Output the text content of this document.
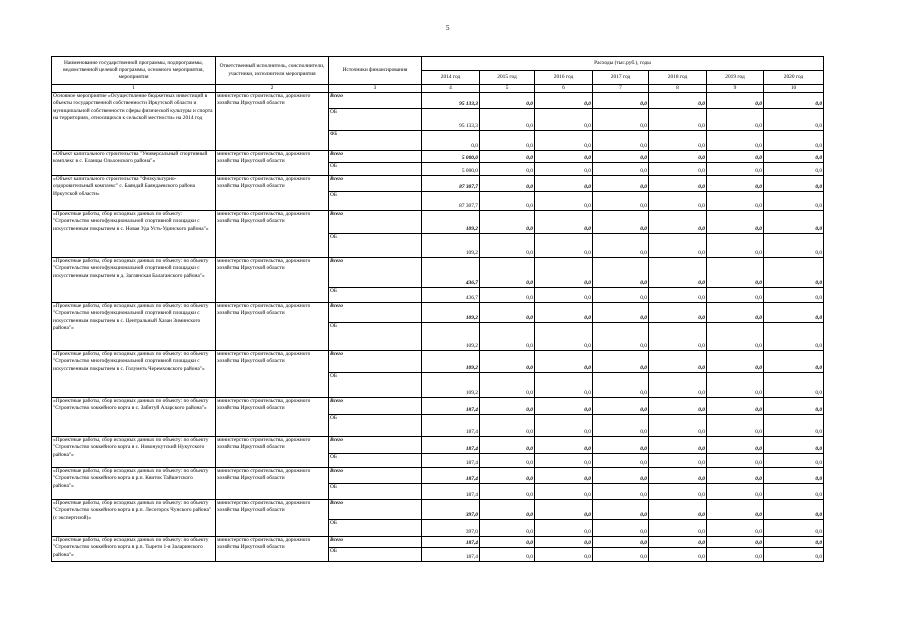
5
Наименование государственной программы, подпрограммы, ведомственной целевой программы, основного мероприятия, мероприятия	Ответственный исполнитель, соисполнители, участники, исполнители мероприятия	Источники финансирования	Расходы (тыс.руб.), годы						
			2014 год	2015 год	2016 год	2017 год	2018 год	2019 год	2020 год
1	2	3	4	5	6	7	8	9	10
Основное мероприятие «Осуществление бюджетных инвестиций в объекты государственной собственности Иркутской области и муниципальной собственности сферы физической культуры и спорта на территориях, относящихся к сельской местности» на 2014 год	министерство строительства, дорожного хозяйства Иркутской области	Всего	95 133,3	0,0	0,0	0,0	0,0	0,0	0,0
		ОБ	95 133,3	0,0	0,0	0,0	0,0	0,0	0,0
		ФБ	0,0	0,0	0,0	0,0	0,0	0,0	0,0
«Объект капитального строительства "Универсальный спортивный комплекс в с. Еланцы Ольхонского района"»	министерство строительства, дорожного хозяйства Иркутской области	Всего	5 000,0	0,0	0,0	0,0	0,0	0,0	0,0
		ОБ	5 000,0	0,0	0,0	0,0	0,0	0,0	0,0
«Объект капитального строительства "Физкультурно-оздоровительный комплекс" с. Баяндай Баяндаевского района Иркутской области»	министерство строительства, дорожного хозяйства Иркутской области	Всего	87 307,7	0,0	0,0	0,0	0,0	0,0	0,0
		ОБ	87 307,7	0,0	0,0	0,0	0,0	0,0	0,0
«Проектные работы, сбор исходных данных по объекту: "Строительство многофункциональной спортивной площадки с искусственным покрытием в с. Новая Уда Усть-Удинского района"»	министерство строительства, дорожного хозяйства Иркутской области	Всего	109,2	0,0	0,0	0,0	0,0	0,0	0,0
		ОБ	109,2	0,0	0,0	0,0	0,0	0,0	0,0
«Проектные работы, сбор исходных данных по объекту: по объекту "Строительство многофункциональной спортивной площадки с искусственным покрытием в д. Заглянская Балаганского района"»	министерство строительства, дорожного хозяйства Иркутской области	Всего	436,7	0,0	0,0	0,0	0,0	0,0	0,0
		ОБ	436,7	0,0	0,0	0,0	0,0	0,0	0,0
«Проектные работы, сбор исходных данных по объекту: по объекту "Строительство многофункциональной спортивной площадки с искусственным покрытием в с. Центральный Хазан Зиминского района"»	министерство строительства, дорожного хозяйства Иркутской области	Всего	109,2	0,0	0,0	0,0	0,0	0,0	0,0
		ОБ	109,2	0,0	0,0	0,0	0,0	0,0	0,0
«Проектные работы, сбор исходных данных по объекту: по объекту "Строительство многофункциональной спортивной площадки с искусственным покрытием в с. Голуметь Черемховского района"»	министерство строительства, дорожного хозяйства Иркутской области	Всего	109,2	0,0	0,0	0,0	0,0	0,0	0,0
		ОБ	109,2	0,0	0,0	0,0	0,0	0,0	0,0
«Проектные работы, сбор исходных данных по объекту: по объекту "Строительство хоккейного корта в с. Забитуй Аларского района"»	министерство строительства, дорожного хозяйства Иркутской области	Всего	187,4	0,0	0,0	0,0	0,0	0,0	0,0
		ОБ	187,4	0,0	0,0	0,0	0,0	0,0	0,0
«Проектные работы, сбор исходных данных по объекту: по объекту "Строительство хоккейного корта в с. Новонукутский Нукутского района"»	министерство строительства, дорожного хозяйства Иркутской области	Всего	187,4	0,0	0,0	0,0	0,0	0,0	0,0
		ОБ	187,4	0,0	0,0	0,0	0,0	0,0	0,0
«Проектные работы, сбор исходных данных по объекту: по объекту "Строительство хоккейного корта в р.п. Квиток Тайшетского района"»	министерство строительства, дорожного хозяйства Иркутской области	Всего	187,4	0,0	0,0	0,0	0,0	0,0	0,0
		ОБ	187,4	0,0	0,0	0,0	0,0	0,0	0,0
«Проектные работы, сбор исходных данных по объекту: по объекту "Строительство хоккейного корта в р.п. Лесогорск Чунского района" (с экспертизой)»	министерство строительства, дорожного хозяйства Иркутской области	Всего	397,0	0,0	0,0	0,0	0,0	0,0	0,0
		ОБ	397,0	0,0	0,0	0,0	0,0	0,0	0,0
«Проектные работы, сбор исходных данных по объекту: по объекту "Строительство хоккейного корта в р.п. Тырети 1-я Заларинского района"»	министерство строительства, дорожного хозяйства Иркутской области	Всего	187,4	0,0	0,0	0,0	0,0	0,0	0,0
		ОБ	187,4	0,0	0,0	0,0	0,0	0,0	0,0
